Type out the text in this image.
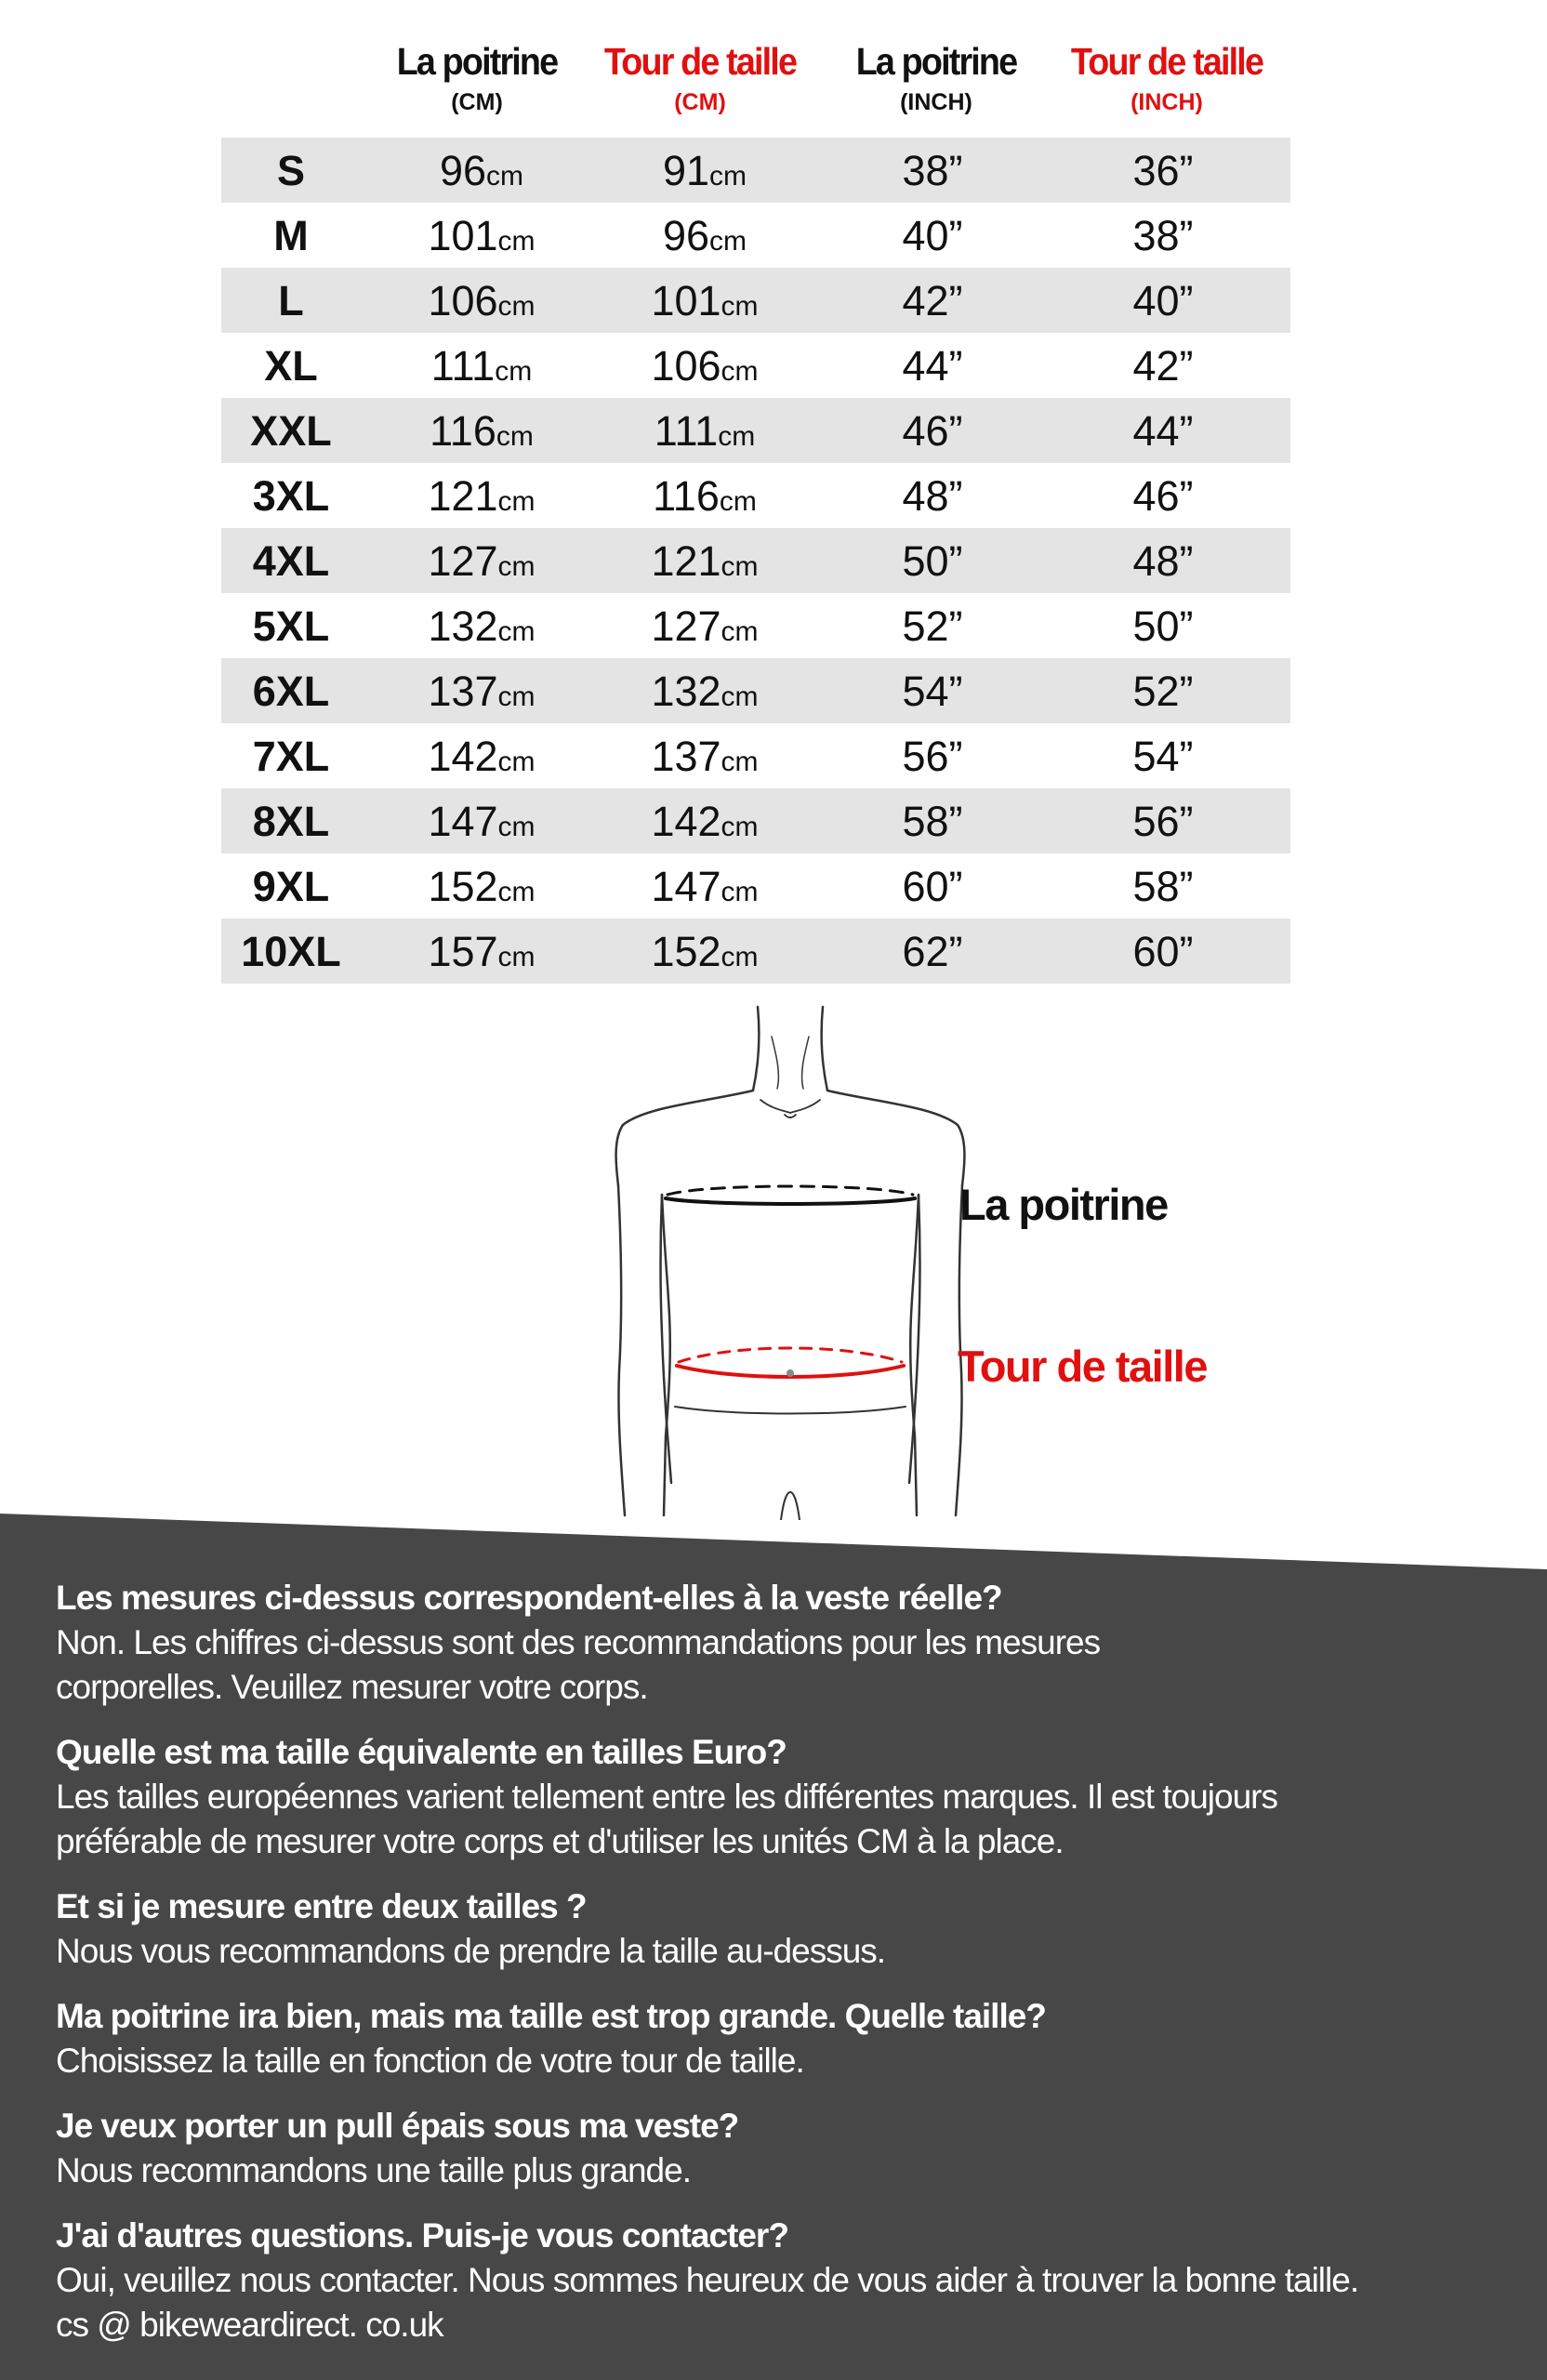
La poitrine
(CM)
Tour de taille
(CM)
La poitrine
(INCH)
Tour de taille
(INCH)
S	96cm	91cm	38”	36”
M	101cm	96cm	40”	38”
L	106cm	101cm	42”	40”
XL	111cm	106cm	44”	42”
XXL	116cm	111cm	46”	44”
3XL	121cm	116cm	48”	46”
4XL	127cm	121cm	50”	48”
5XL	132cm	127cm	52”	50”
6XL	137cm	132cm	54”	52”
7XL	142cm	137cm	56”	54”
8XL	147cm	142cm	58”	56”
9XL	152cm	147cm	60”	58”
10XL	157cm	152cm	62”	60”
La poitrine
Tour de taille
Les mesures ci-dessus correspondent-elles à la veste réelle?
Non. Les chiffres ci-dessus sont des recommandations pour les mesures
corporelles. Veuillez mesurer votre corps.
Quelle est ma taille équivalente en tailles Euro?
Les tailles européennes varient tellement entre les différentes marques. Il est toujours
préférable de mesurer votre corps et d'utiliser les unités CM à la place.
Et si je mesure entre deux tailles ?
Nous vous recommandons de prendre la taille au-dessus.
Ma poitrine ira bien, mais ma taille est trop grande. Quelle taille?
Choisissez la taille en fonction de votre tour de taille.
Je veux porter un pull épais sous ma veste?
Nous recommandons une taille plus grande.
J'ai d'autres questions. Puis-je vous contacter?
Oui, veuillez nous contacter. Nous sommes heureux de vous aider à trouver la bonne taille.
cs @ bikeweardirect. co.uk
